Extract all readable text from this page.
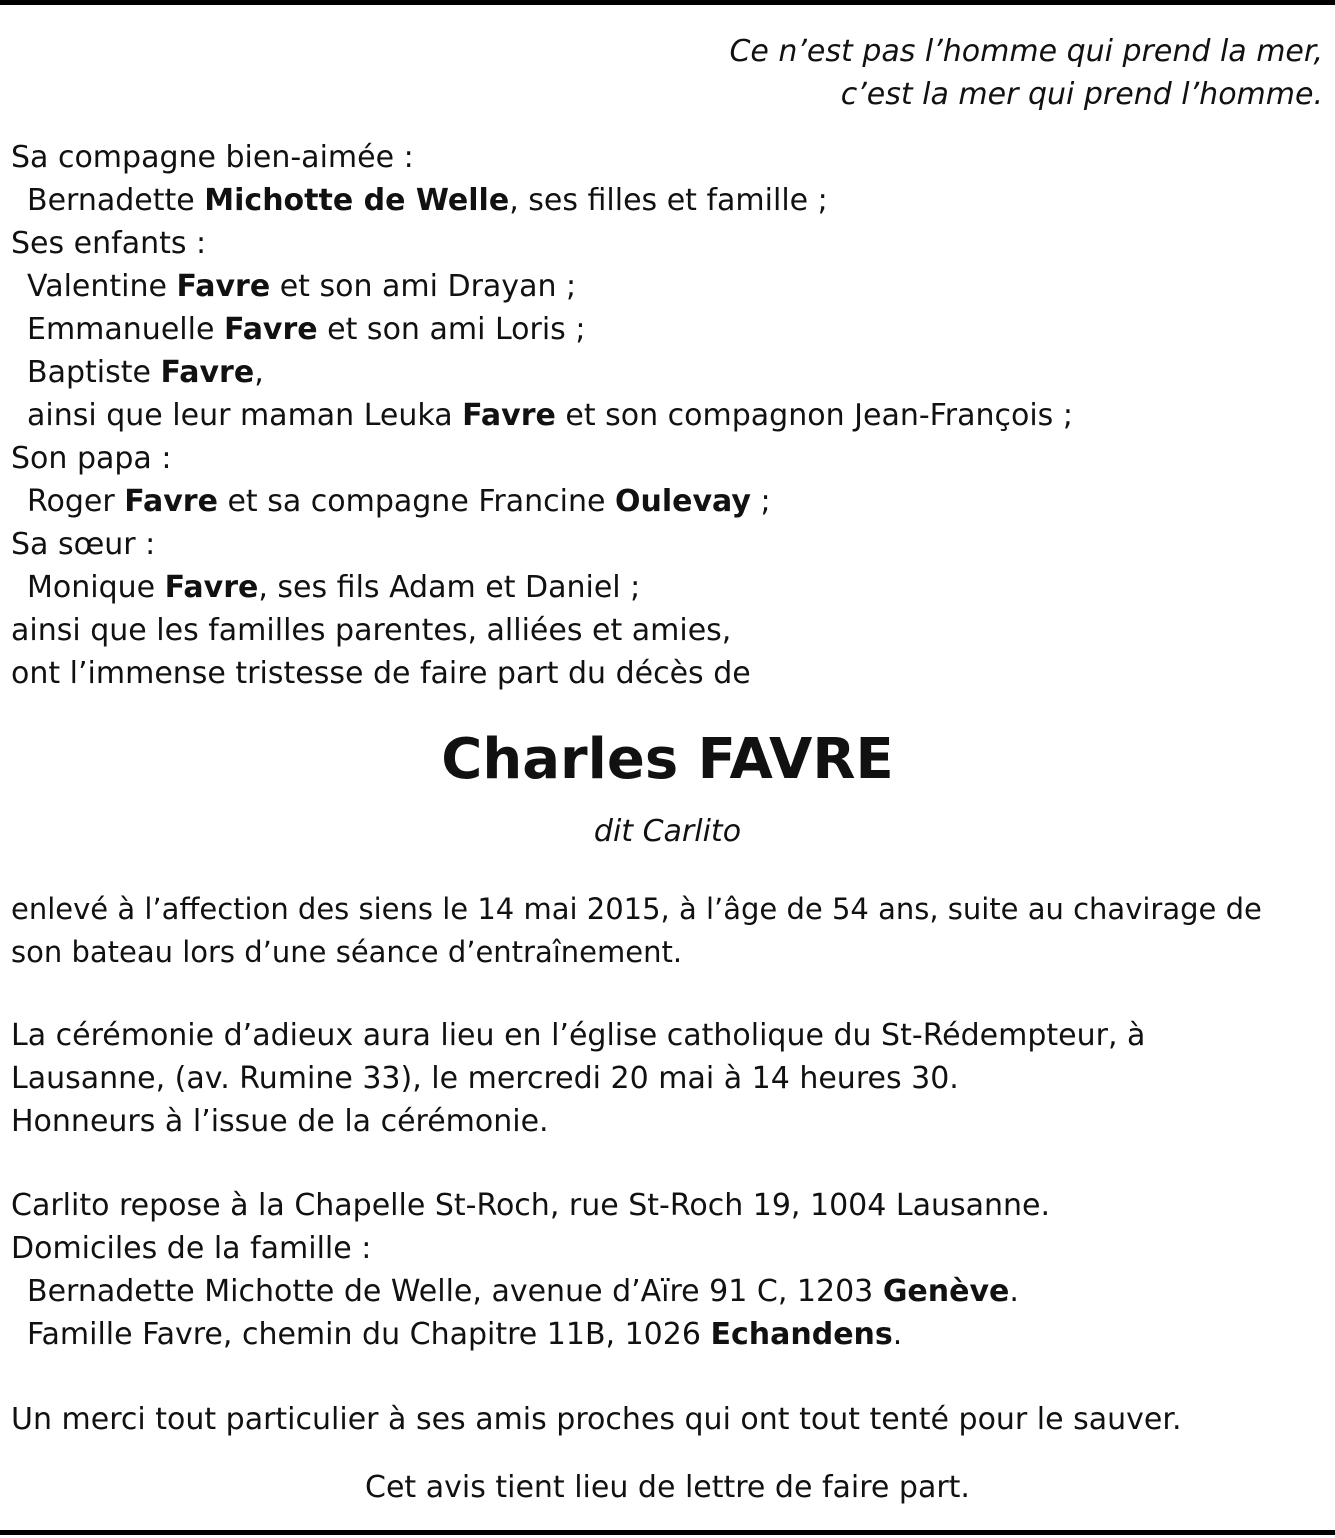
Ce n’est pas l’homme qui prend la mer,
c’est la mer qui prend l’homme.
Sa compagne bien-aimée :
Bernadette Michotte de Welle, ses filles et famille ;
Ses enfants :
Valentine Favre et son ami Drayan ;
Emmanuelle Favre et son ami Loris ;
Baptiste Favre,
ainsi que leur maman Leuka Favre et son compagnon Jean-François ;
Son papa :
Roger Favre et sa compagne Francine Oulevay ;
Sa sœur :
Monique Favre, ses fils Adam et Daniel ;
ainsi que les familles parentes, alliées et amies,
ont l’immense tristesse de faire part du décès de
Charles FAVRE
dit Carlito
enlevé à l’affection des siens le 14 mai 2015, à l’âge de 54 ans, suite au chavirage de
son bateau lors d’une séance d’entraînement.
La cérémonie d’adieux aura lieu en l’église catholique du St-Rédempteur, à
Lausanne, (av. Rumine 33), le mercredi 20 mai à 14 heures 30.
Honneurs à l’issue de la cérémonie.
Carlito repose à la Chapelle St-Roch, rue St-Roch 19, 1004 Lausanne.
Domiciles de la famille :
Bernadette Michotte de Welle, avenue d’Aïre 91 C, 1203 Genève.
Famille Favre, chemin du Chapitre 11B, 1026 Echandens.
Un merci tout particulier à ses amis proches qui ont tout tenté pour le sauver.
Cet avis tient lieu de lettre de faire part.
